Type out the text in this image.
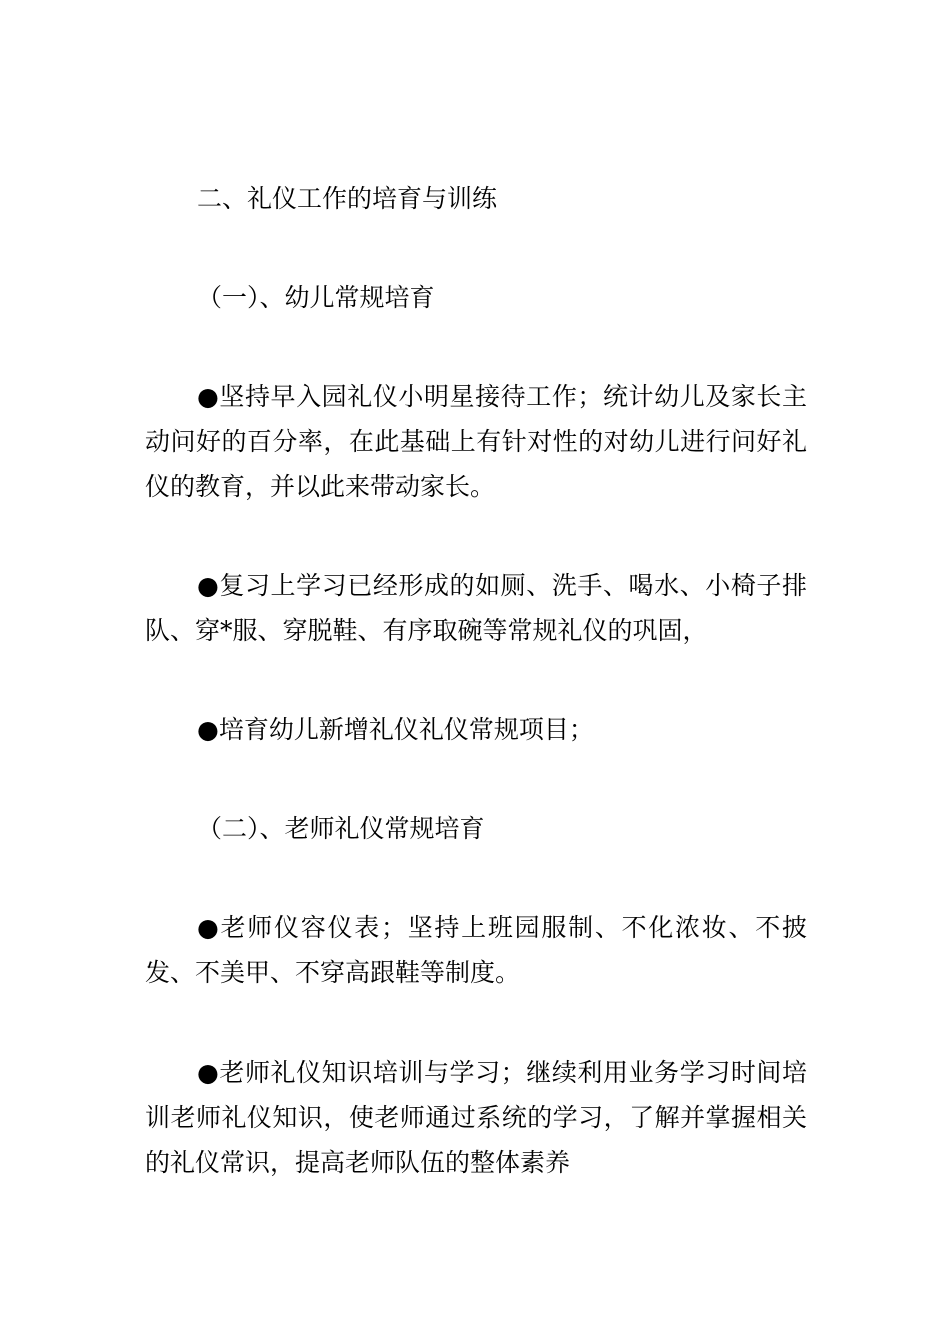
二、礼仪工作的培育与训练

（一）、幼儿常规培育

●坚持早入园礼仪小明星接待工作；统计幼儿及家长主动问好的百分率，在此基础上有针对性的对幼儿进行问好礼仪的教育，并以此来带动家长。

●复习上学习已经形成的如厕、洗手、喝水、小椅子排队、穿*服、穿脱鞋、有序取碗等常规礼仪的巩固，

●培育幼儿新增礼仪礼仪常规项目；

（二）、老师礼仪常规培育

●老师仪容仪表；坚持上班园服制、不化浓妆、不披发、不美甲、不穿高跟鞋等制度。

●老师礼仪知识培训与学习；继续利用业务学习时间培训老师礼仪知识，使老师通过系统的学习，了解并掌握相关的礼仪常识，提高老师队伍的整体素养
